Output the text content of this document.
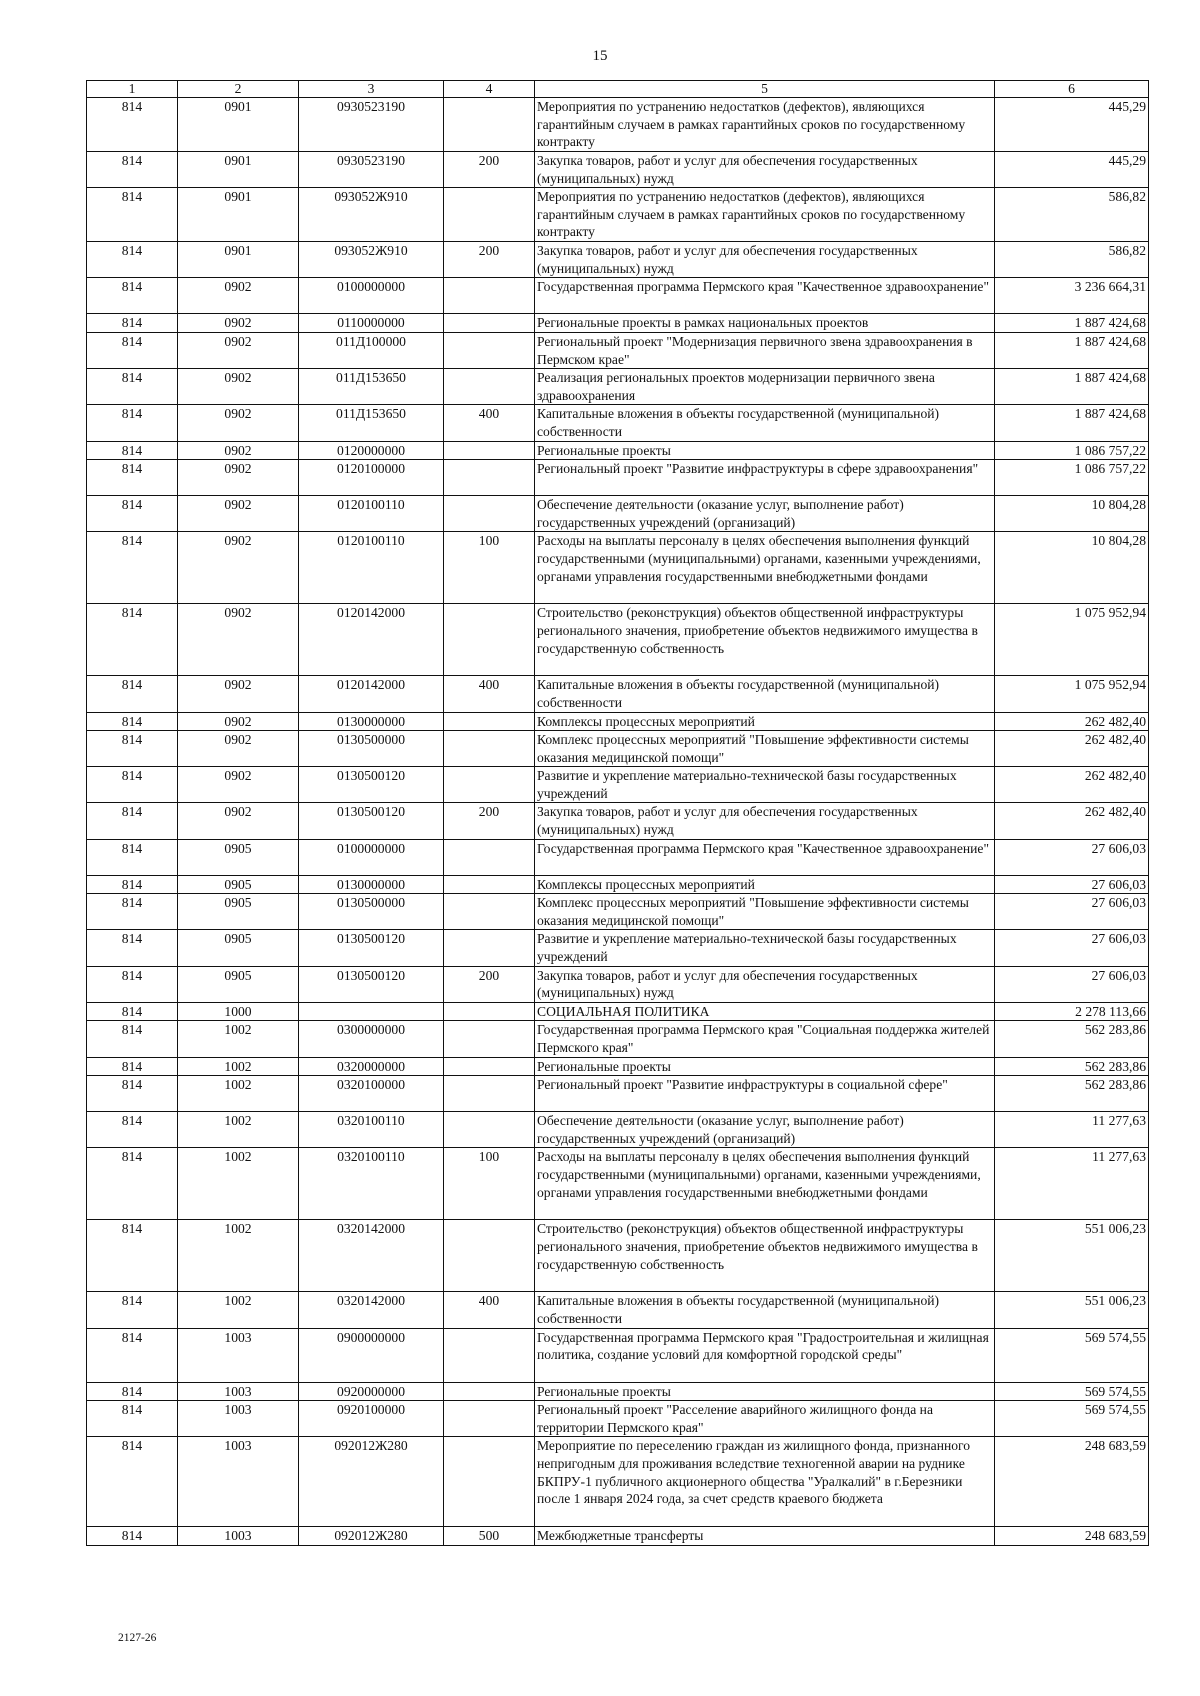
15
1	2	3	4	5	6
814	0901	0930523190		Мероприятия по устранению недостатков (дефектов), являющихся гарантийным случаем в рамках гарантийных сроков по государственному контракту	445,29
814	0901	0930523190	200	Закупка товаров, работ и услуг для обеспечения государственных (муниципальных) нужд	445,29
814	0901	093052Ж910		Мероприятия по устранению недостатков (дефектов), являющихся гарантийным случаем в рамках гарантийных сроков по государственному контракту	586,82
814	0901	093052Ж910	200	Закупка товаров, работ и услуг для обеспечения государственных (муниципальных) нужд	586,82
814	0902	0100000000		Государственная программа Пермского края "Качественное здравоохранение"	3 236 664,31
814	0902	0110000000		Региональные проекты в рамках национальных проектов	1 887 424,68
814	0902	011Д100000		Региональный проект "Модернизация первичного звена здравоохранения в Пермском крае"	1 887 424,68
814	0902	011Д153650		Реализация региональных проектов модернизации первичного звена здравоохранения	1 887 424,68
814	0902	011Д153650	400	Капитальные вложения в объекты государственной (муниципальной) собственности	1 887 424,68
814	0902	0120000000		Региональные проекты	1 086 757,22
814	0902	0120100000		Региональный проект "Развитие инфраструктуры в сфере здравоохранения"	1 086 757,22
814	0902	0120100110		Обеспечение деятельности (оказание услуг, выполнение работ) государственных учреждений (организаций)	10 804,28
814	0902	0120100110	100	Расходы на выплаты персоналу в целях обеспечения выполнения функций государственными (муниципальными) органами, казенными учреждениями, органами управления государственными внебюджетными фондами	10 804,28
814	0902	0120142000		Строительство (реконструкция) объектов общественной инфраструктуры регионального значения, приобретение объектов недвижимого имущества в государственную собственность	1 075 952,94
814	0902	0120142000	400	Капитальные вложения в объекты государственной (муниципальной) собственности	1 075 952,94
814	0902	0130000000		Комплексы процессных мероприятий	262 482,40
814	0902	0130500000		Комплекс процессных мероприятий "Повышение эффективности системы оказания медицинской помощи"	262 482,40
814	0902	0130500120		Развитие и укрепление материально-технической базы государственных учреждений	262 482,40
814	0902	0130500120	200	Закупка товаров, работ и услуг для обеспечения государственных (муниципальных) нужд	262 482,40
814	0905	0100000000		Государственная программа Пермского края "Качественное здравоохранение"	27 606,03
814	0905	0130000000		Комплексы процессных мероприятий	27 606,03
814	0905	0130500000		Комплекс процессных мероприятий "Повышение эффективности системы оказания медицинской помощи"	27 606,03
814	0905	0130500120		Развитие и укрепление материально-технической базы государственных учреждений	27 606,03
814	0905	0130500120	200	Закупка товаров, работ и услуг для обеспечения государственных (муниципальных) нужд	27 606,03
814	1000			СОЦИАЛЬНАЯ ПОЛИТИКА	2 278 113,66
814	1002	0300000000		Государственная программа Пермского края "Социальная поддержка жителей Пермского края"	562 283,86
814	1002	0320000000		Региональные проекты	562 283,86
814	1002	0320100000		Региональный проект "Развитие инфраструктуры в социальной сфере"	562 283,86
814	1002	0320100110		Обеспечение деятельности (оказание услуг, выполнение работ) государственных учреждений (организаций)	11 277,63
814	1002	0320100110	100	Расходы на выплаты персоналу в целях обеспечения выполнения функций государственными (муниципальными) органами, казенными учреждениями, органами управления государственными внебюджетными фондами	11 277,63
814	1002	0320142000		Строительство (реконструкция) объектов общественной инфраструктуры регионального значения, приобретение объектов недвижимого имущества в государственную собственность	551 006,23
814	1002	0320142000	400	Капитальные вложения в объекты государственной (муниципальной) собственности	551 006,23
814	1003	0900000000		Государственная программа Пермского края "Градостроительная и жилищная политика, создание условий для комфортной городской среды"	569 574,55
814	1003	0920000000		Региональные проекты	569 574,55
814	1003	0920100000		Региональный проект "Расселение аварийного жилищного фонда на территории Пермского края"	569 574,55
814	1003	092012Ж280		Мероприятие по переселению граждан из жилищного фонда, признанного непригодным для проживания вследствие техногенной аварии на руднике БКПРУ-1 публичного акционерного общества "Уралкалий" в г.Березники после 1 января 2024 года, за счет средств краевого бюджета	248 683,59
814	1003	092012Ж280	500	Межбюджетные трансферты	248 683,59
2127-26
